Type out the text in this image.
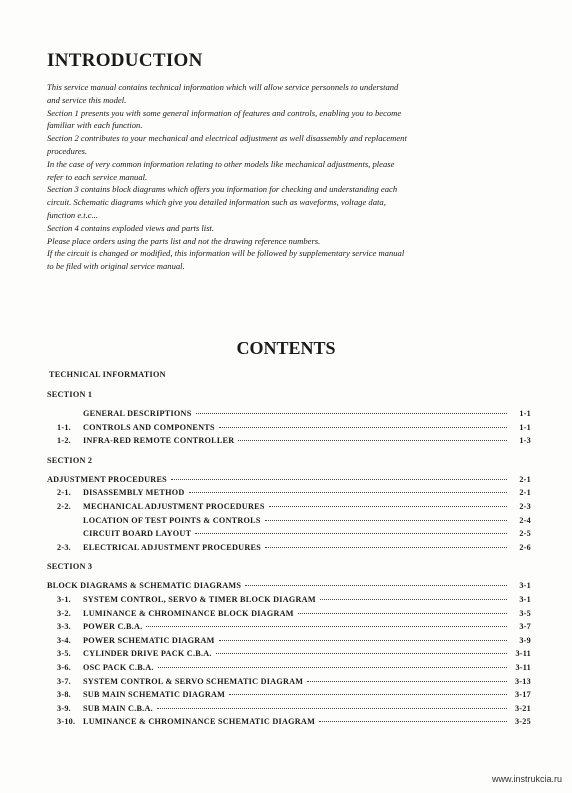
INTRODUCTION

This service manual contains technical information which will allow service personnels to understand

and service this model.

Section 1 presents you with some general information of features and controls, enabling you to become

familiar with each function.

Section 2 contributes to your mechanical and electrical adjustment as well disassembly and replacement

procedures.

In the case of very common information relating to other models like mechanical adjustments, please

refer to each service manual.

Section 3 contains block diagrams which offers you information for checking and understanding each

circuit. Schematic diagrams which give you detailed information such as waveforms, voltage data,

function e.t.c...

Section 4 contains exploded views and parts list.

Please place orders using the parts list and not the drawing reference numbers.

If the circuit is changed or modified, this information will be followed by supplementary service manual

to be filed with original service manual.

CONTENTS
TECHNICAL INFORMATION
SECTION 1
GENERAL DESCRIPTIONS	1-1
1-1.	CONTROLS AND COMPONENTS	1-1
1-2.	INFRA-RED REMOTE CONTROLLER	1-3
SECTION 2
ADJUSTMENT PROCEDURES	2-1
2-1.	DISASSEMBLY METHOD	2-1
2-2.	MECHANICAL ADJUSTMENT PROCEDURES	2-3
LOCATION OF TEST POINTS & CONTROLS	2-4
CIRCUIT BOARD LAYOUT	2-5
2-3.	ELECTRICAL ADJUSTMENT PROCEDURES	2-6
SECTION 3
BLOCK DIAGRAMS & SCHEMATIC DIAGRAMS	3-1
3-1.	SYSTEM CONTROL, SERVO & TIMER BLOCK DIAGRAM	3-1
3-2.	LUMINANCE & CHROMINANCE BLOCK DIAGRAM	3-5
3-3.	POWER C.B.A.	3-7
3-4.	POWER SCHEMATIC DIAGRAM	3-9
3-5.	CYLINDER DRIVE PACK C.B.A.	3-11
3-6.	OSC PACK C.B.A.	3-11
3-7.	SYSTEM CONTROL & SERVO SCHEMATIC DIAGRAM	3-13
3-8.	SUB MAIN SCHEMATIC DIAGRAM	3-17
3-9.	SUB MAIN C.B.A.	3-21
3-10. LUMINANCE & CHROMINANCE SCHEMATIC DIAGRAM	3-25
www.instrukcia.ru
